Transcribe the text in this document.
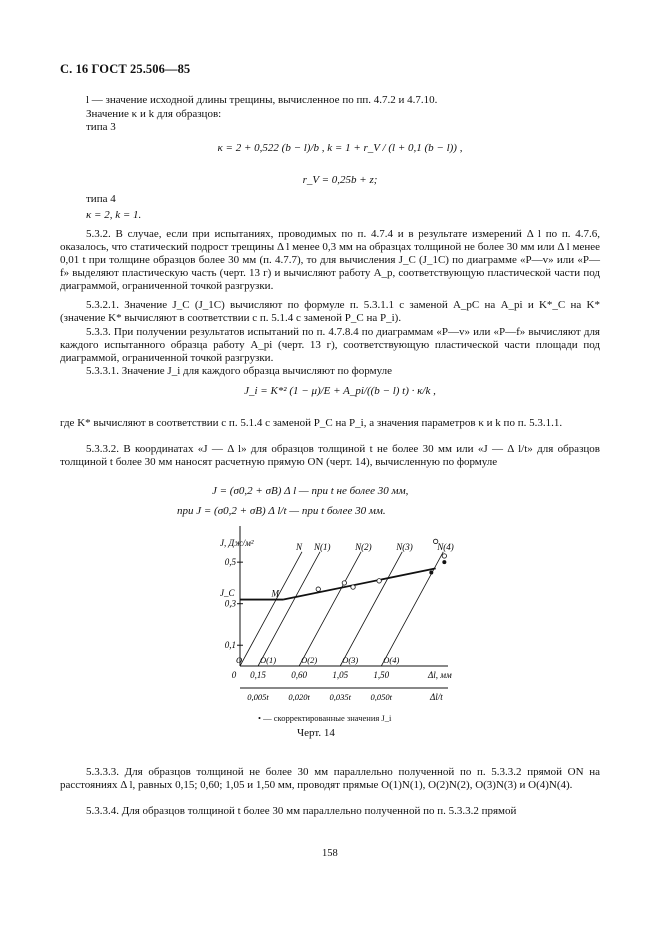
С. 16 ГОСТ 25.506—85
l — значение исходной длины трещины, вычисленное по пп. 4.7.2 и 4.7.10.
Значение κ и k для образцов:
типа 3
κ = 2 + 0,522 (b − l)/b , k = 1 + r_V / (l + 0,1 (b − l)) ,
r_V = 0,25b + z;
типа 4
κ = 2, k = 1.
5.3.2. В случае, если при испытаниях, проводимых по п. 4.7.4 и в результате измерений Δ l по п. 4.7.6, оказалось, что статический подрост трещины Δ l менее 0,3 мм на образцах толщиной не более 30 мм или Δ l менее 0,01 t при толщине образцов более 30 мм (п. 4.7.7), то для вычисления J_C (J_1C) по диаграмме «P—v» или «P—f» выделяют пластическую часть (черт. 13 г) и вычисляют работу A_p, соответствующую пластической части под диаграммой, ограниченной точкой разгрузки.
5.3.2.1. Значение J_C (J_1C) вычисляют по формуле п. 5.3.1.1 с заменой A_pC на A_pi и K*_C на K* (значение K* вычисляют в соответствии с п. 5.1.4 с заменой P_C на P_i).
5.3.3. При получении результатов испытаний по п. 4.7.8.4 по диаграммам «P—v» или «P—f» вычисляют для каждого испытанного образца работу A_pi (черт. 13 г), соответствующую пластической части площади под диаграммой, ограниченной точкой разгрузки.
5.3.3.1. Значение J_i для каждого образца вычисляют по формуле
J_i = K*² (1 − μ)/E + A_pi/((b − l) t) · κ/k ,
где K* вычисляют в соответствии с п. 5.1.4 с заменой P_C на P_i, а значения параметров κ и k по п. 5.3.1.1.
5.3.3.2. В координатах «J — Δ l» для образцов толщиной t не более 30 мм или «J — Δ l/t» для образцов толщиной t более 30 мм наносят расчетную прямую ON (черт. 14), вычисленную по формуле
J = (σ0,2 + σB) Δ l — при t не более 30 мм,
при J = (σ0,2 + σB) Δ l/t — при t более 30 мм.
0,1
0,3
0,5
0 0,15	0,60	1,05	1,50
0,005t 0,020t 0,035t 0,050t
Δl, мм
Δl/t
J, Дж/м²
J_C
N
O
N(1)
O(1)
N(2)
O(2)
N(3)
O(3)
N(4)
O(4)
M
• — скорректированные значения J_i
Черт. 14
5.3.3.3. Для образцов толщиной не более 30 мм параллельно полученной по п. 5.3.3.2 прямой ON на расстояниях Δ l, равных 0,15; 0,60; 1,05 и 1,50 мм, проводят прямые O(1)N(1), O(2)N(2), O(3)N(3) и O(4)N(4).
5.3.3.4. Для образцов толщиной t более 30 мм параллельно полученной по п. 5.3.3.2 прямой
158
